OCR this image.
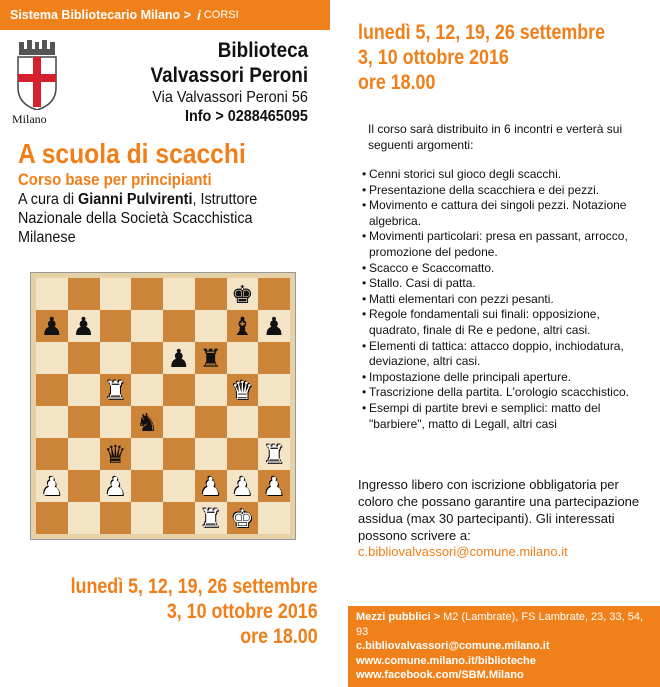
Sistema Bibliotecario Milano > i CORSI
Milano
Biblioteca
Valvassori Peroni
Via Valvassori Peroni 56
Info > 0288465095
A scuola di scacchi
Corso base per principianti
A cura di Gianni Pulvirenti, Istruttore Nazionale della Società Scacchistica Milanese
♚
♟ ♟	♝ ♟
♟ ♜
♜	♛
♞
♛	♜
♟ ♟	♟ ♟ ♟
♜ ♚
lunedì 5, 12, 19, 26 settembre
3, 10 ottobre 2016
ore 18.00
lunedì 5, 12, 19, 26 settembre
3, 10 ottobre 2016
ore 18.00
Il corso sarà distribuito in 6 incontri e verterà sui seguenti argomenti:
• Cenni storici sul gioco degli scacchi.
• Presentazione della scacchiera e dei pezzi.
• Movimento e cattura dei singoli pezzi. Notazione algebrica.
• Movimenti particolari: presa en passant, arrocco, promozione del pedone.
• Scacco e Scaccomatto.
• Stallo. Casi di patta.
• Matti elementari con pezzi pesanti.
• Regole fondamentali sui finali: opposizione, quadrato, finale di Re e pedone, altri casi.
• Elementi di tattica: attacco doppio, inchiodatura, deviazione, altri casi.
• Impostazione delle principali aperture.
• Trascrizione della partita. L'orologio scacchistico.
• Esempi di partite brevi e semplici: matto del "barbiere", matto di Legall, altri casi
Ingresso libero con iscrizione obbligatoria per coloro che possano garantire una partecipazione assidua (max 30 partecipanti). Gli interessati possono scrivere a:
c.bibliovalvassori@comune.milano.it
Mezzi pubblici > M2 (Lambrate), FS Lambrate, 23, 33, 54, 93
c.bibliovalvassori@comune.milano.it
www.comune.milano.it/biblioteche
www.facebook.com/SBM.Milano
